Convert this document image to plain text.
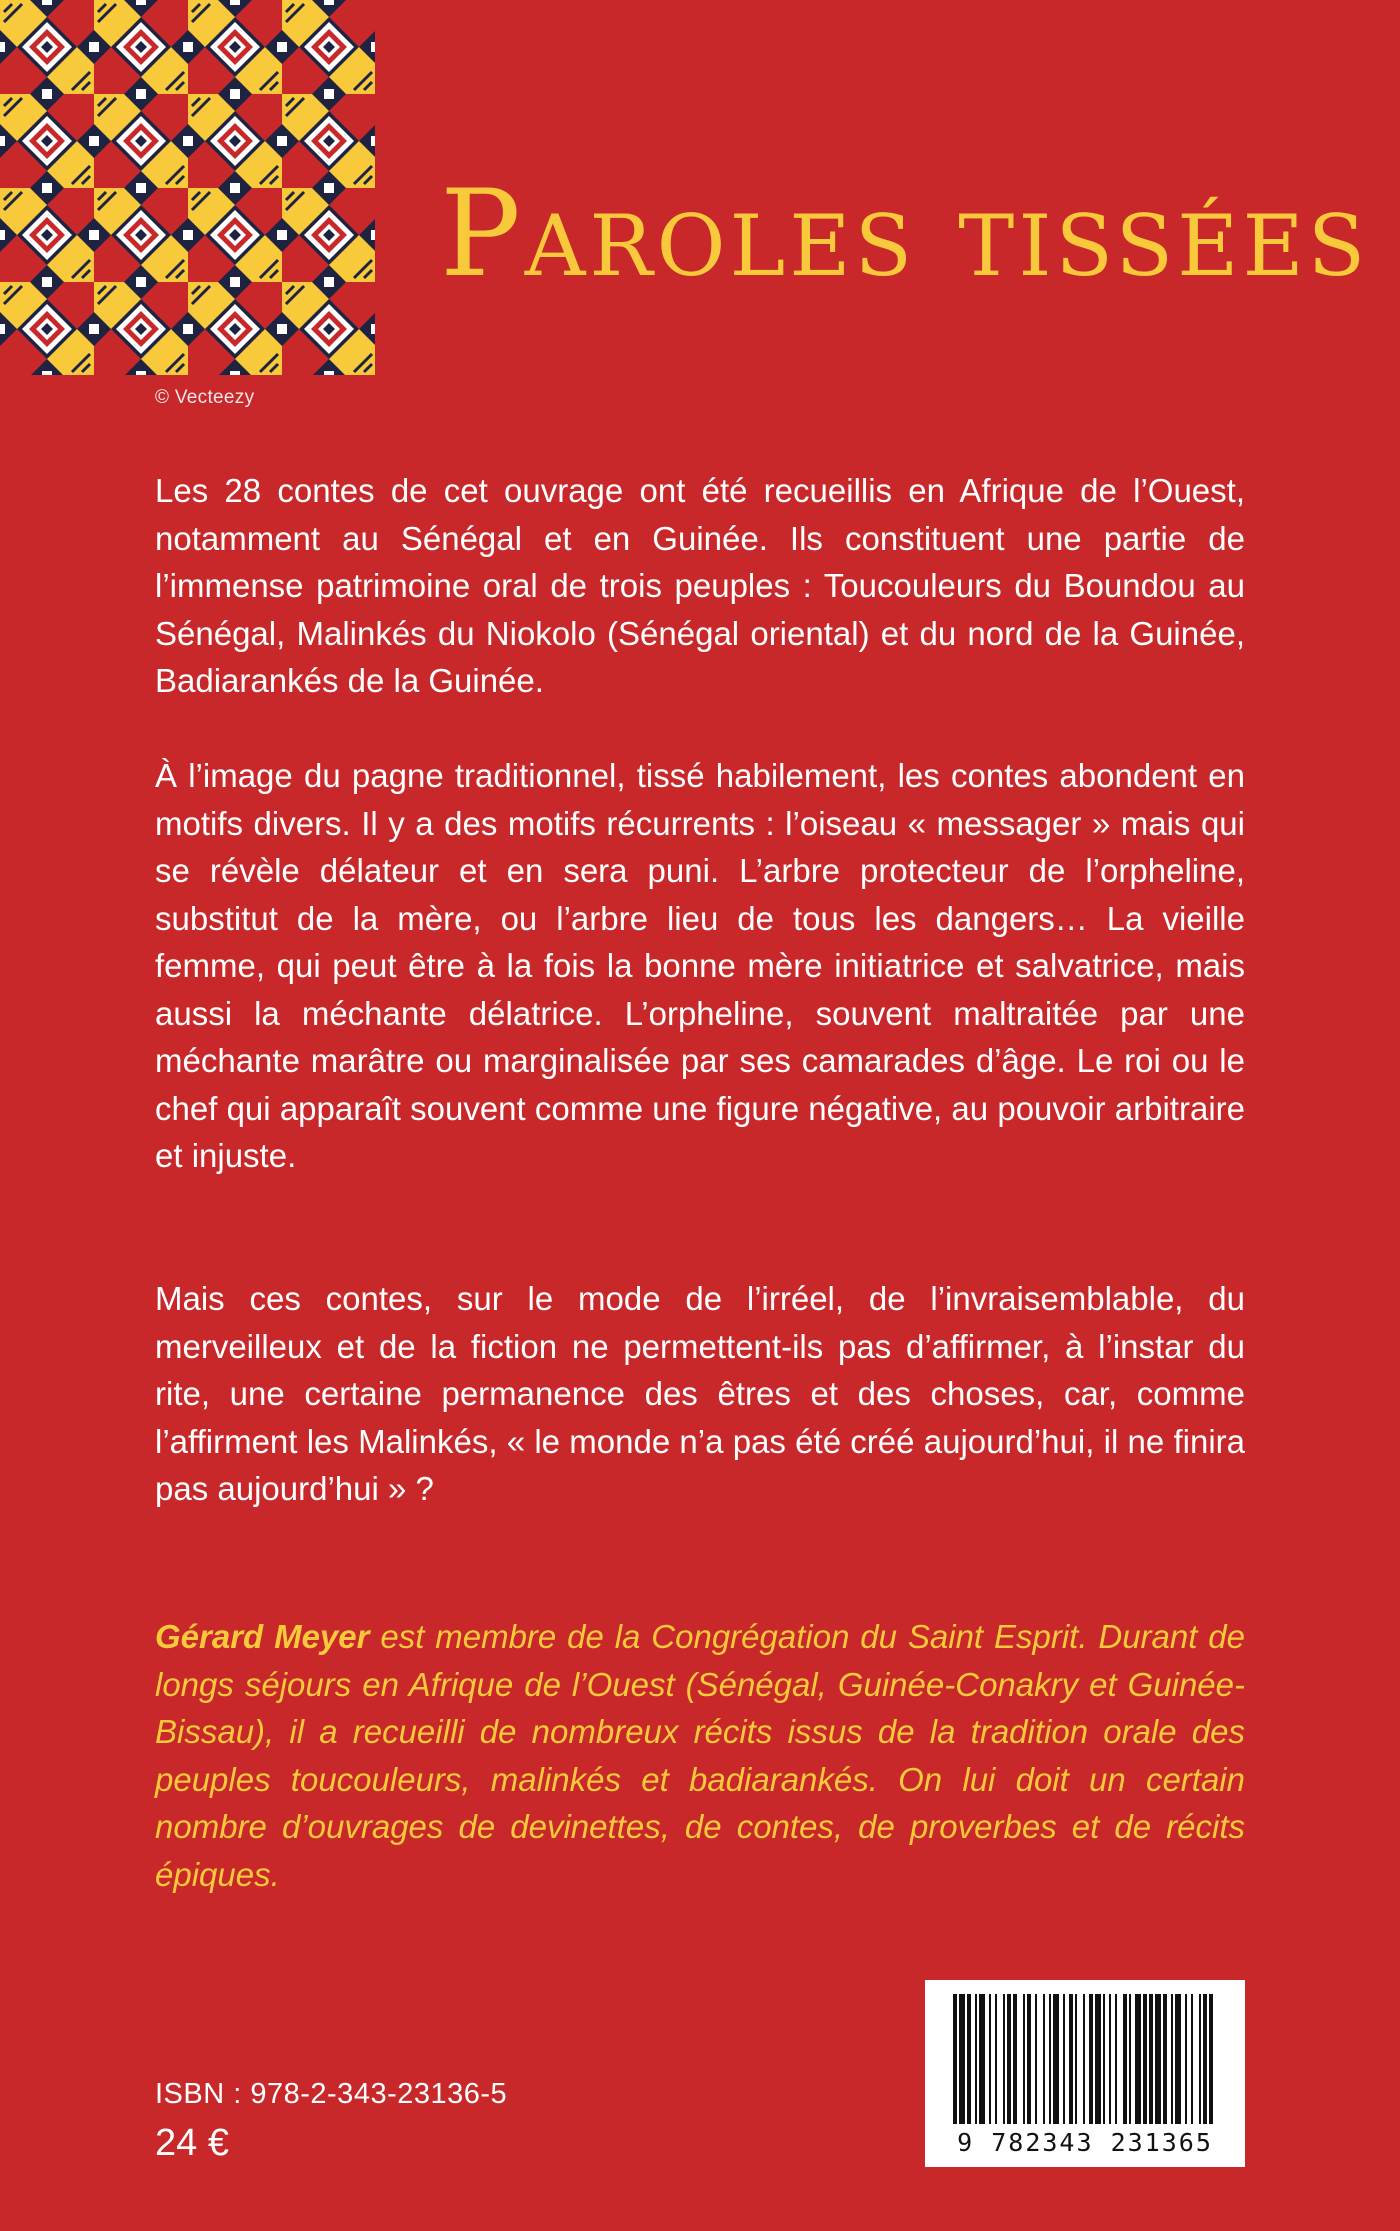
© Vecteezy
Paroles tissées

Les 28 contes de cet ouvrage ont été recueillis en Afrique de l’Ouest, notamment au Sénégal et en Guinée. Ils constituent une partie de l’immense patrimoine oral de trois peuples : Toucouleurs du Boundou au Sénégal, Malinkés du Niokolo (Sénégal oriental) et du nord de la Guinée, Badiarankés de la Guinée.

À l’image du pagne traditionnel, tissé habilement, les contes abondent en motifs divers. Il y a des motifs récurrents : l’oiseau « messager » mais qui se révèle délateur et en sera puni. L’arbre protecteur de l’orpheline, substitut de la mère, ou l’arbre lieu de tous les dangers… La vieille femme, qui peut être à la fois la bonne mère initiatrice et salvatrice, mais aussi la méchante délatrice. L’orpheline, souvent maltraitée par une méchante marâtre ou marginalisée par ses camarades d’âge. Le roi ou le chef qui apparaît souvent comme une figure négative, au pouvoir arbitraire et injuste.

Mais ces contes, sur le mode de l’irréel, de l’invraisemblable, du merveilleux et de la fiction ne permettent-ils pas d’affirmer, à l’instar du rite, une certaine permanence des êtres et des choses, car, comme l’affirment les Malinkés, « le monde n’a pas été créé aujourd’hui, il ne finira pas aujourd’hui » ?

Gérard Meyer est membre de la Congrégation du Saint Esprit. Durant de longs séjours en Afrique de l’Ouest (Sénégal, Guinée-Conakry et Guinée-Bissau), il a recueilli de nombreux récits issus de la tradition orale des peuples toucouleurs, malinkés et badiarankés. On lui doit un certain nombre d’ouvrages de devinettes, de contes, de proverbes et de récits épiques.

ISBN : 978-2-343-23136-5
24 €	9 782343 231365
